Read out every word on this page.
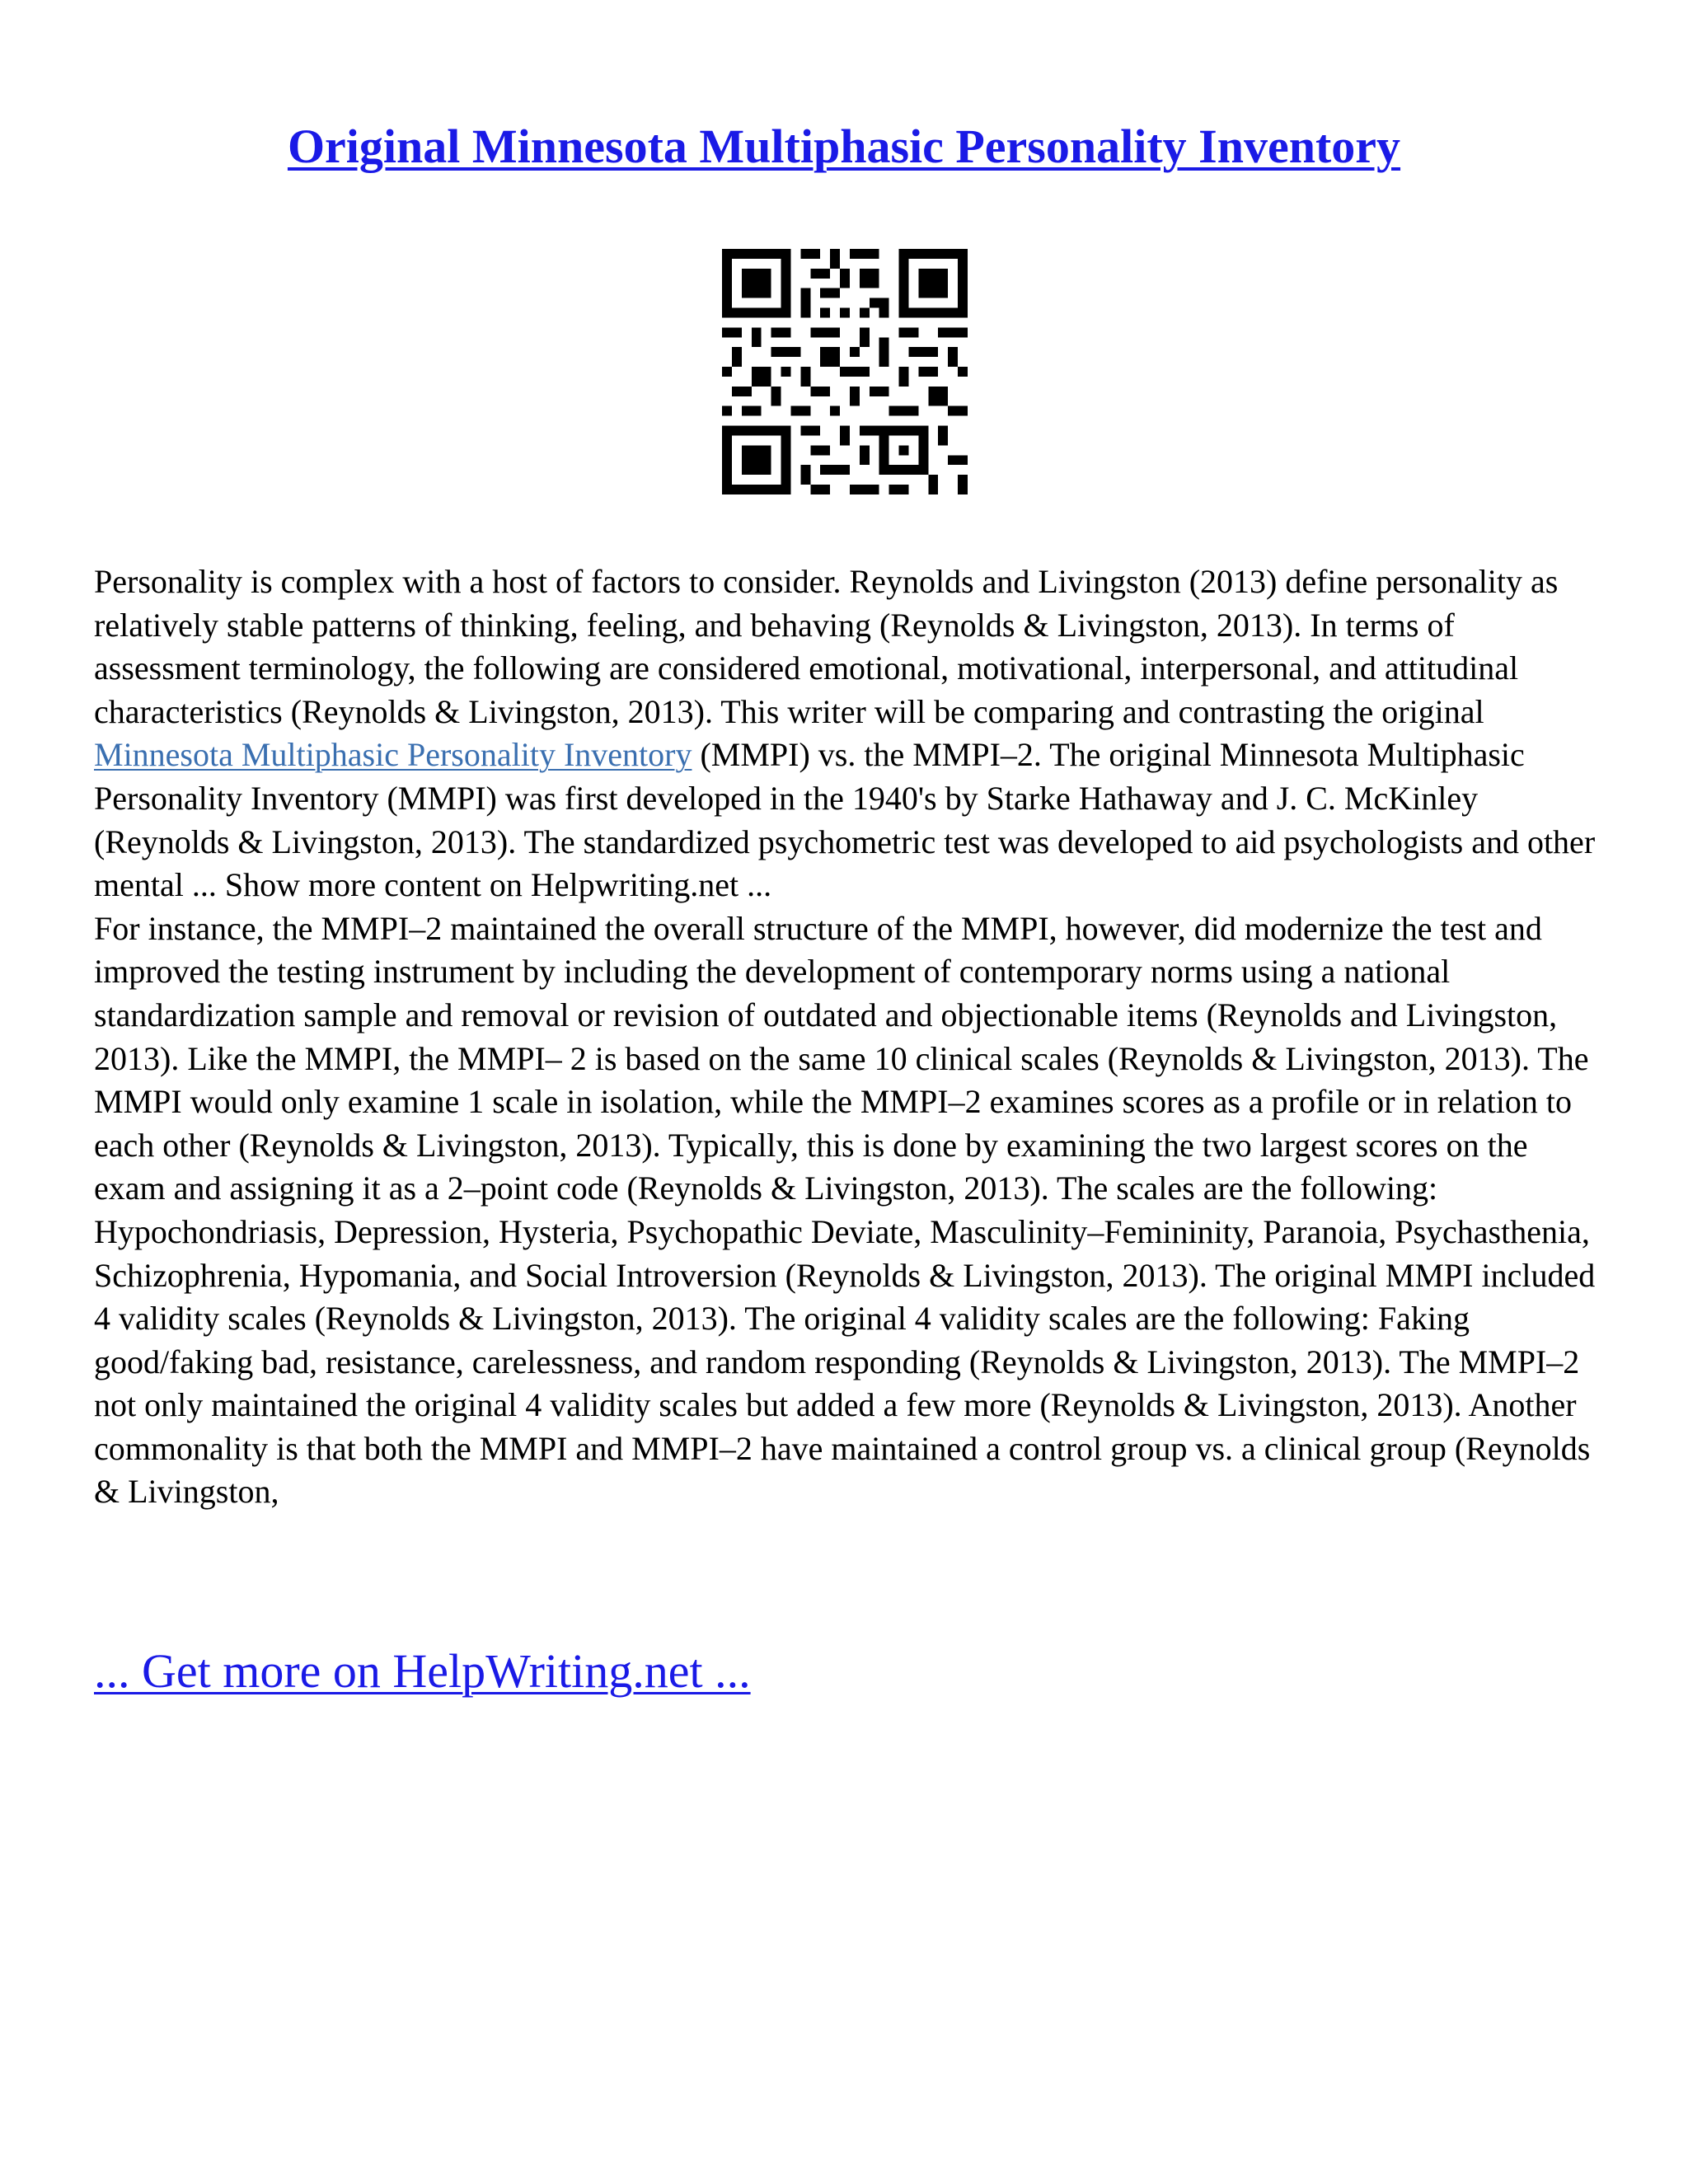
Original Minnesota Multiphasic Personality Inventory

Personality is complex with a host of factors to consider. Reynolds and Livingston (2013) define personality as relatively stable patterns of thinking, feeling, and behaving (Reynolds & Livingston, 2013). In terms of assessment terminology, the following are considered emotional, motivational, interpersonal, and attitudinal characteristics (Reynolds & Livingston, 2013). This writer will be comparing and contrasting the original Minnesota Multiphasic Personality Inventory (MMPI) vs. the MMPI–2. The original Minnesota Multiphasic Personality Inventory (MMPI) was first developed in the 1940's by Starke Hathaway and J. C. McKinley (Reynolds & Livingston, 2013). The standardized psychometric test was developed to aid psychologists and other mental ... Show more content on Helpwriting.net ...

For instance, the MMPI–2 maintained the overall structure of the MMPI, however, did modernize the test and improved the testing instrument by including the development of contemporary norms using a national standardization sample and removal or revision of outdated and objectionable items (Reynolds and Livingston, 2013). Like the MMPI, the MMPI– 2 is based on the same 10 clinical scales (Reynolds & Livingston, 2013). The MMPI would only examine 1 scale in isolation, while the MMPI–2 examines scores as a profile or in relation to each other (Reynolds & Livingston, 2013). Typically, this is done by examining the two largest scores on the exam and assigning it as a 2–point code (Reynolds & Livingston, 2013). The scales are the following: Hypochondriasis, Depression, Hysteria, Psychopathic Deviate, Masculinity–Femininity, Paranoia, Psychasthenia, Schizophrenia, Hypomania, and Social Introversion (Reynolds & Livingston, 2013). The original MMPI included 4 validity scales (Reynolds & Livingston, 2013). The original 4 validity scales are the following: Faking good/faking bad, resistance, carelessness, and random responding (Reynolds & Livingston, 2013). The MMPI–2 not only maintained the original 4 validity scales but added a few more (Reynolds & Livingston, 2013). Another commonality is that both the MMPI and MMPI–2 have maintained a control group vs. a clinical group (Reynolds & Livingston,

... Get more on HelpWriting.net ...
